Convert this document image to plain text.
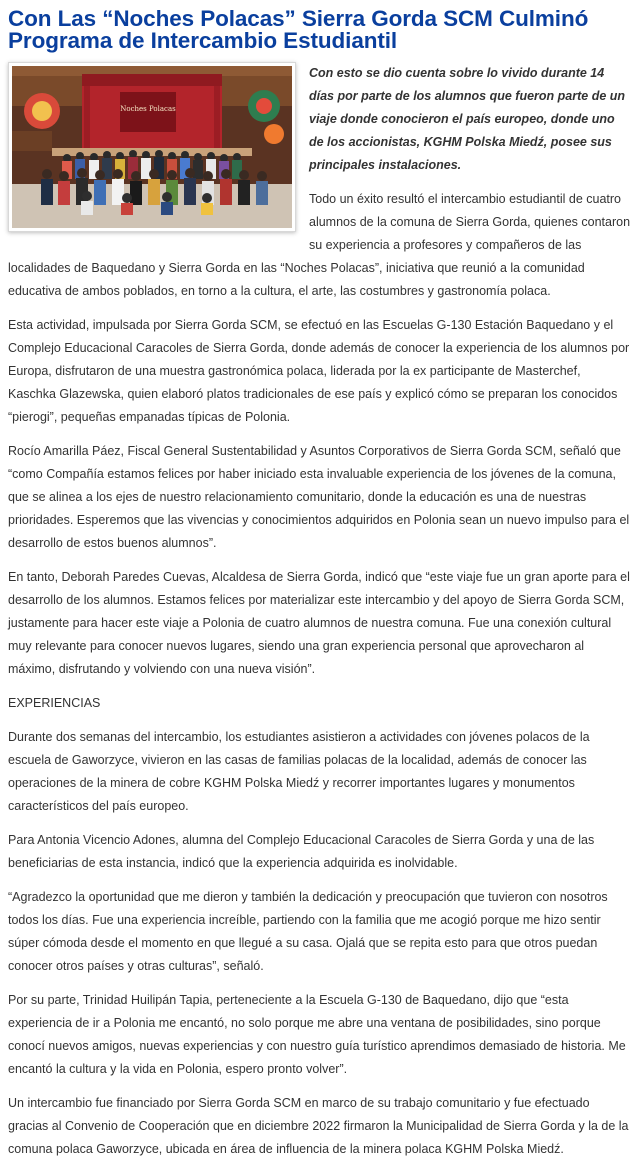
Con Las “Noches Polacas” Sierra Gorda SCM Culminó Programa de Intercambio Estudiantil
Noches Polacas

Con esto se dio cuenta sobre lo vivido durante 14 días por parte de los alumnos que fueron parte de un viaje donde conocieron el país europeo, donde uno de los accionistas, KGHM Polska Miedź, posee sus principales instalaciones.

Todo un éxito resultó el intercambio estudiantil de cuatro alumnos de la comuna de Sierra Gorda, quienes contaron su experiencia a profesores y compañeros de las localidades de Baquedano y Sierra Gorda en las “Noches Polacas”, iniciativa que reunió a la comunidad educativa de ambos poblados, en torno a la cultura, el arte, las costumbres y gastronomía polaca.

Esta actividad, impulsada por Sierra Gorda SCM, se efectuó en las Escuelas G-130 Estación Baquedano y el Complejo Educacional Caracoles de Sierra Gorda, donde además de conocer la experiencia de los alumnos por Europa, disfrutaron de una muestra gastronómica polaca, liderada por la ex participante de Masterchef, Kaschka Glazewska, quien elaboró platos tradicionales de ese país y explicó cómo se preparan los conocidos “pierogi”, pequeñas empanadas típicas de Polonia.

Rocío Amarilla Páez, Fiscal General Sustentabilidad y Asuntos Corporativos de Sierra Gorda SCM, señaló que “como Compañía estamos felices por haber iniciado esta invaluable experiencia de los jóvenes de la comuna, que se alinea a los ejes de nuestro relacionamiento comunitario, donde la educación es una de nuestras prioridades. Esperemos que las vivencias y conocimientos adquiridos en Polonia sean un nuevo impulso para el desarrollo de estos buenos alumnos”.

En tanto, Deborah Paredes Cuevas, Alcaldesa de Sierra Gorda, indicó que “este viaje fue un gran aporte para el desarrollo de los alumnos. Estamos felices por materializar este intercambio y del apoyo de Sierra Gorda SCM, justamente para hacer este viaje a Polonia de cuatro alumnos de nuestra comuna. Fue una conexión cultural muy relevante para conocer nuevos lugares, siendo una gran experiencia personal que aprovecharon al máximo, disfrutando y volviendo con una nueva visión”.

EXPERIENCIAS

Durante dos semanas del intercambio, los estudiantes asistieron a actividades con jóvenes polacos de la escuela de Gaworzyce, vivieron en las casas de familias polacas de la localidad, además de conocer las operaciones de la minera de cobre KGHM Polska Miedź y recorrer importantes lugares y monumentos característicos del país europeo.

Para Antonia Vicencio Adones, alumna del Complejo Educacional Caracoles de Sierra Gorda y una de las beneficiarias de esta instancia, indicó que la experiencia adquirida es inolvidable.

“Agradezco la oportunidad que me dieron y también la dedicación y preocupación que tuvieron con nosotros todos los días. Fue una experiencia increíble, partiendo con la familia que me acogió porque me hizo sentir súper cómoda desde el momento en que llegué a su casa. Ojalá que se repita esto para que otros puedan conocer otros países y otras culturas”, señaló.

Por su parte, Trinidad Huilipán Tapia, perteneciente a la Escuela G-130 de Baquedano, dijo que “esta experiencia de ir a Polonia me encantó, no solo porque me abre una ventana de posibilidades, sino porque conocí nuevos amigos, nuevas experiencias y con nuestro guía turístico aprendimos demasiado de historia. Me encantó la cultura y la vida en Polonia, espero pronto volver”.

Un intercambio fue financiado por Sierra Gorda SCM en marco de su trabajo comunitario y fue efectuado gracias al Convenio de Cooperación que en diciembre 2022 firmaron la Municipalidad de Sierra Gorda y la de la comuna polaca Gaworzyce, ubicada en área de influencia de la minera polaca KGHM Polska Miedź.
